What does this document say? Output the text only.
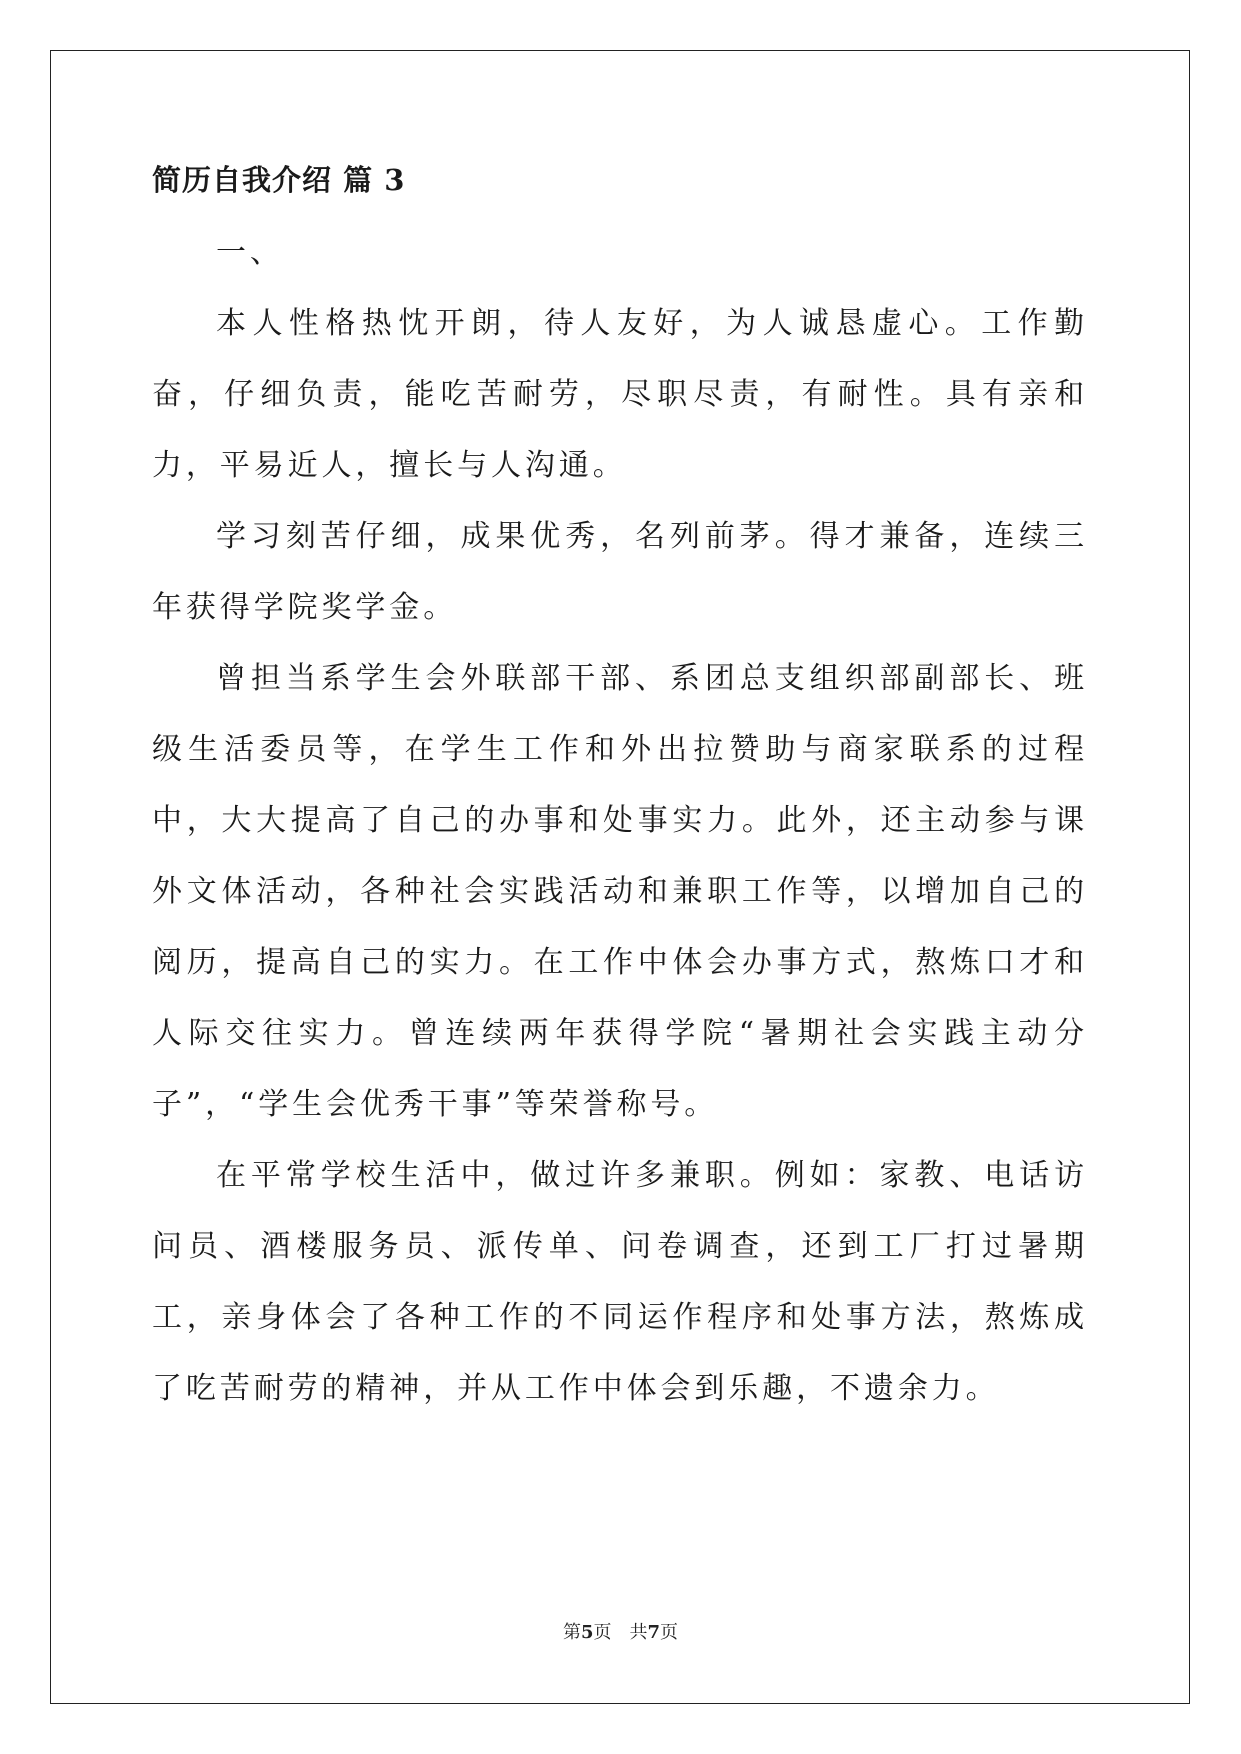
简历自我介绍 篇 3

一、

本人性格热忱开朗，待人友好，为人诚恳虚心。工作勤奋，仔细负责，能吃苦耐劳，尽职尽责，有耐性。具有亲和力，平易近人，擅长与人沟通。

学习刻苦仔细，成果优秀，名列前茅。得才兼备，连续三年获得学院奖学金。

曾担当系学生会外联部干部、系团总支组织部副部长、班级生活委员等，在学生工作和外出拉赞助与商家联系的过程中，大大提高了自己的办事和处事实力。此外，还主动参与课外文体活动，各种社会实践活动和兼职工作等，以增加自己的阅历，提高自己的实力。在工作中体会办事方式，熬炼口才和人际交往实力。曾连续两年获得学院“暑期社会实践主动分子”，“学生会优秀干事”等荣誉称号。

在平常学校生活中，做过许多兼职。例如：家教、电话访问员、酒楼服务员、派传单、问卷调查，还到工厂打过暑期工，亲身体会了各种工作的不同运作程序和处事方法，熬炼成了吃苦耐劳的精神，并从工作中体会到乐趣，不遗余力。

第5页 共7页
